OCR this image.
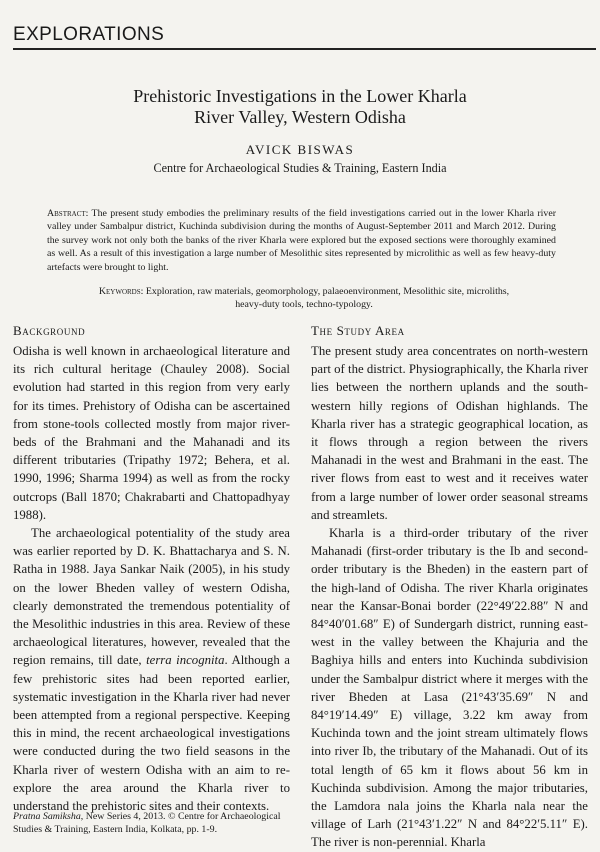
EXPLORATIONS
Prehistoric Investigations in the Lower Kharla
River Valley, Western Odisha
AVICK BISWAS
Centre for Archaeological Studies & Training, Eastern India
Abstract: The present study embodies the preliminary results of the field investigations carried out in the lower Kharla river valley under Sambalpur district, Kuchinda subdivision during the months of August-September 2011 and March 2012. During the survey work not only both the banks of the river Kharla were explored but the exposed sections were thoroughly examined as well. As a result of this investigation a large number of Mesolithic sites represented by microlithic as well as few heavy-duty artefacts were brought to light.
Keywords: Exploration, raw materials, geomorphology, palaeoenvironment, Mesolithic site, microliths, heavy-duty tools, techno-typology.
Background

Odisha is well known in archaeological literature and its rich cultural heritage (Chauley 2008). Social evolution had started in this region from very early for its times. Prehistory of Odisha can be ascertained from stone-tools collected mostly from major river-beds of the Brahmani and the Mahanadi and its different tributaries (Tripathy 1972; Behera, et al. 1990, 1996; Sharma 1994) as well as from the rocky outcrops (Ball 1870; Chakrabarti and Chattopadhyay 1988).

The archaeological potentiality of the study area was earlier reported by D. K. Bhattacharya and S. N. Ratha in 1988. Jaya Sankar Naik (2005), in his study on the lower Bheden valley of western Odisha, clearly demonstrated the tremendous potentiality of the Mesolithic industries in this area. Review of these archaeological literatures, however, revealed that the region remains, till date, terra incognita. Although a few prehistoric sites had been reported earlier, systematic investigation in the Kharla river had never been attempted from a regional perspective. Keeping this in mind, the recent archaeological investigations were conducted during the two field seasons in the Kharla river of western Odisha with an aim to re-explore the area around the Kharla river to understand the prehistoric sites and their contexts.

The Study Area

The present study area concentrates on north-western part of the district. Physiographically, the Kharla river lies between the northern uplands and the south-western hilly regions of Odishan highlands. The Kharla river has a strategic geographical location, as it flows through a region between the rivers Mahanadi in the west and Brahmani in the east. The river flows from east to west and it receives water from a large number of lower order seasonal streams and streamlets.

Kharla is a third-order tributary of the river Mahanadi (first-order tributary is the Ib and second-order tributary is the Bheden) in the eastern part of the high-land of Odisha. The river Kharla originates near the Kansar-Bonai border (22°49′22.88″ N and 84°40′01.68″ E) of Sundergarh district, running east-west in the valley between the Khajuria and the Baghiya hills and enters into Kuchinda subdivision under the Sambalpur district where it merges with the river Bheden at Lasa (21°43′35.69″ N and 84°19′14.49″ E) village, 3.22 km away from Kuchinda town and the joint stream ultimately flows into river Ib, the tributary of the Mahanadi. Out of its total length of 65 km it flows about 56 km in Kuchinda subdivision. Among the major tributaries, the Lamdora nala joins the Kharla nala near the village of Larh (21°43′1.22″ N and 84°22′5.11″ E). The river is non-perennial. Kharla

Pratna Samiksha, New Series 4, 2013. © Centre for Archaeological Studies & Training, Eastern India, Kolkata, pp. 1-9.
